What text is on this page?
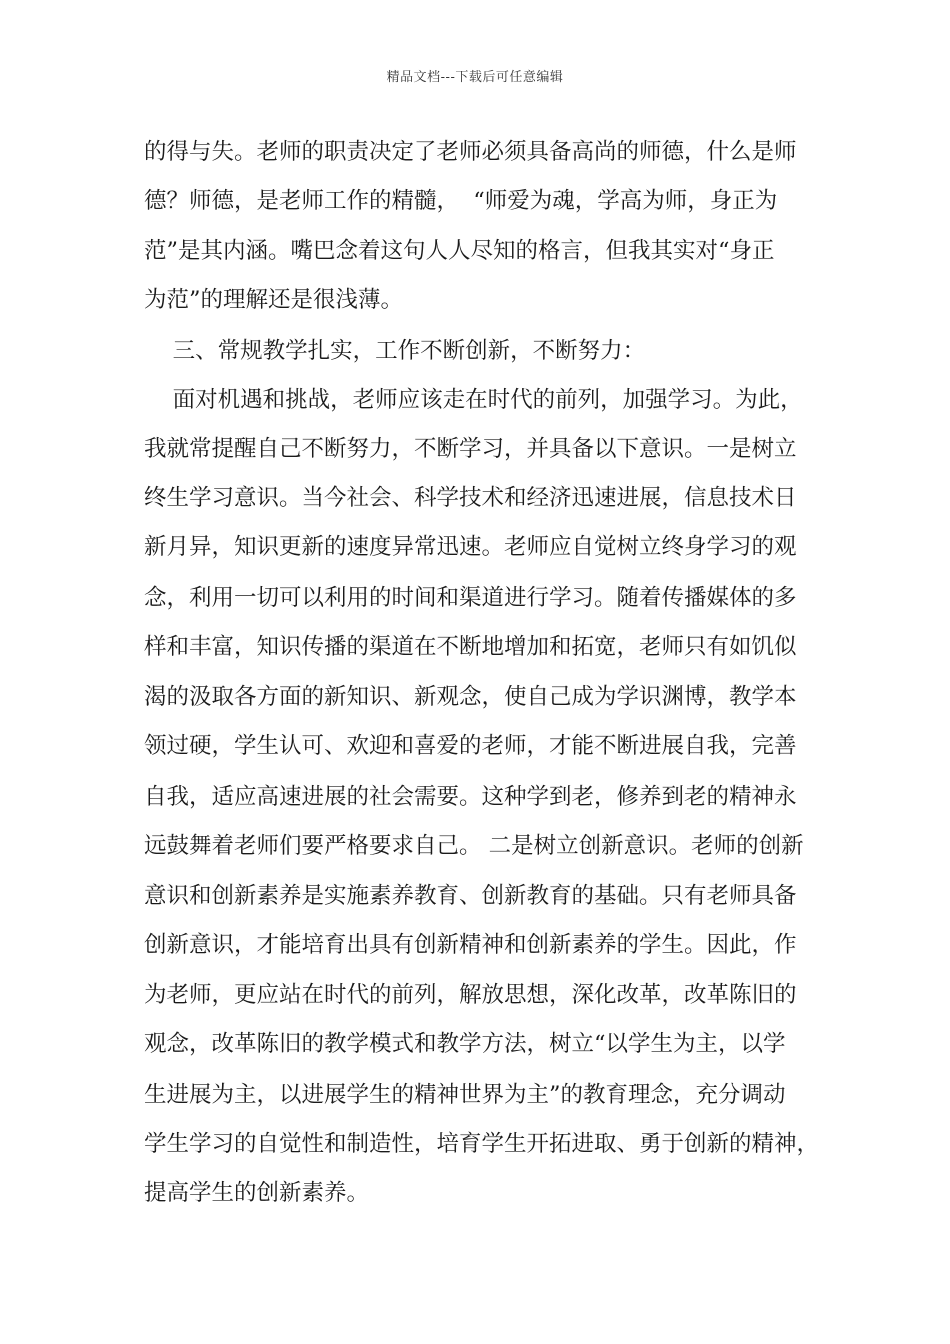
精品文档---下载后可任意编辑
的得与失。老师的职责决定了老师必须具备高尚的师德，什么是师
德？师德，是老师工作的精髓，  “师爱为魂，学高为师，身正为
范”是其内涵。嘴巴念着这句人人尽知的格言，但我其实对“身正
为范”的理解还是很浅薄。
三、常规教学扎实，工作不断创新，不断努力：
面对机遇和挑战，老师应该走在时代的前列，加强学习。为此，
我就常提醒自己不断努力，不断学习，并具备以下意识。一是树立
终生学习意识。当今社会、科学技术和经济迅速进展，信息技术日
新月异，知识更新的速度异常迅速。老师应自觉树立终身学习的观
念，利用一切可以利用的时间和渠道进行学习。随着传播媒体的多
样和丰富，知识传播的渠道在不断地增加和拓宽，老师只有如饥似
渴的汲取各方面的新知识、新观念，使自己成为学识渊博，教学本
领过硬，学生认可、欢迎和喜爱的老师，才能不断进展自我，完善
自我，适应高速进展的社会需要。这种学到老，修养到老的精神永
远鼓舞着老师们要严格要求自己。 二是树立创新意识。老师的创新
意识和创新素养是实施素养教育、创新教育的基础。只有老师具备
创新意识，才能培育出具有创新精神和创新素养的学生。因此，作
为老师，更应站在时代的前列，解放思想，深化改革，改革陈旧的
观念，改革陈旧的教学模式和教学方法，树立“以学生为主，以学
生进展为主，以进展学生的精神世界为主”的教育理念，充分调动
学生学习的自觉性和制造性，培育学生开拓进取、勇于创新的精神，
提高学生的创新素养。
